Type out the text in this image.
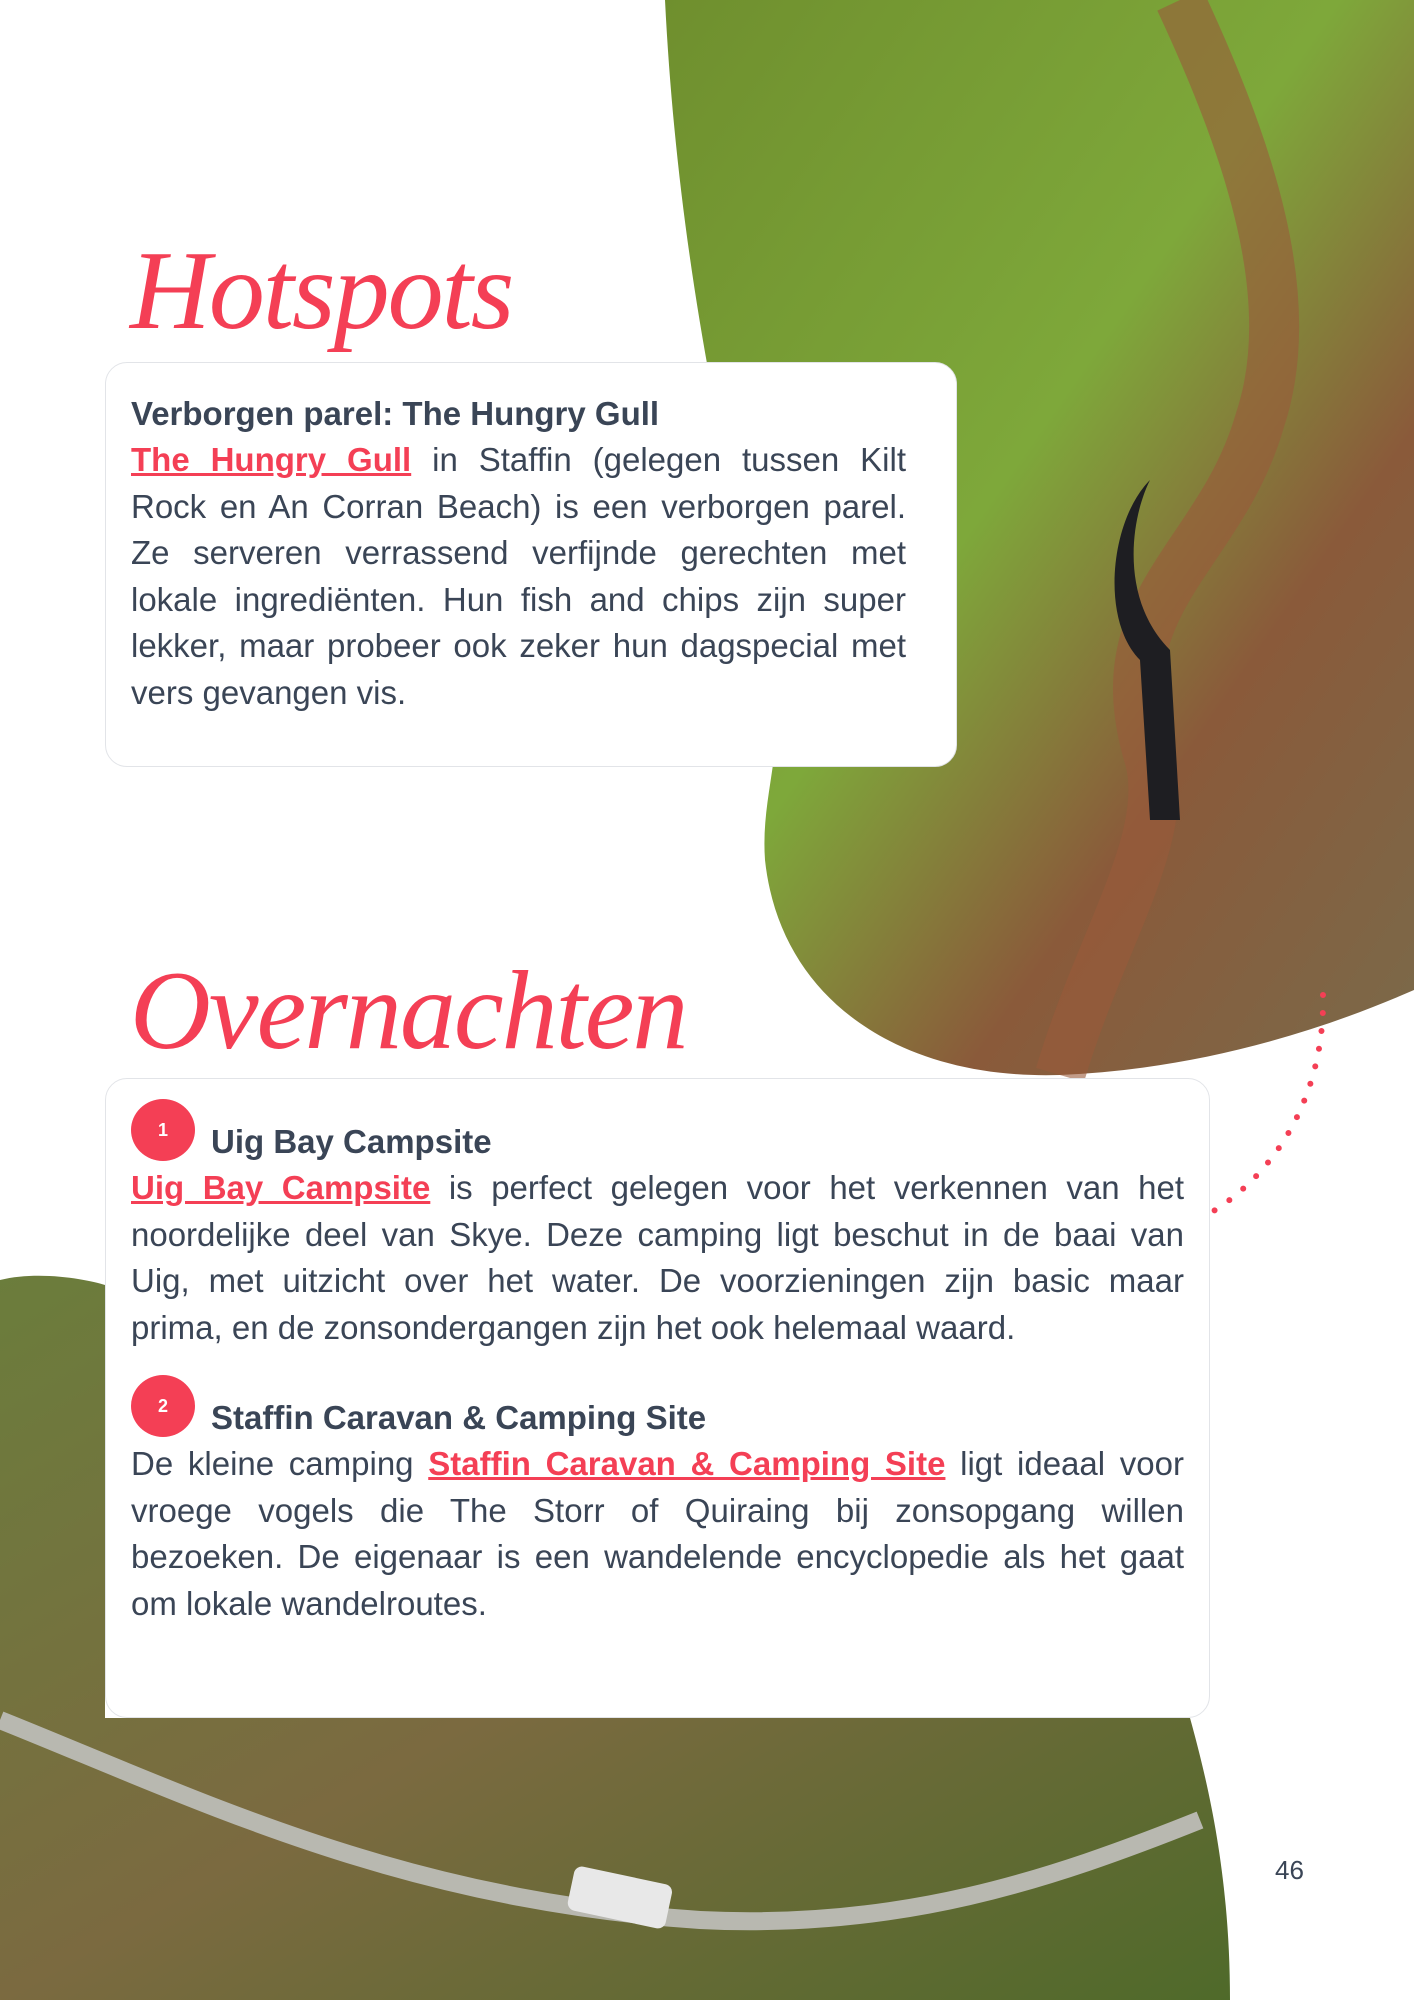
Hotspots

Verborgen parel: The Hungry Gull

The Hungry Gull in Staffin (gelegen tussen Kilt Rock en An Corran Beach) is een verborgen parel. Ze serveren verrassend verfijnde gerechten met lokale ingrediënten. Hun fish and chips zijn super lekker, maar probeer ook zeker hun dagspecial met vers gevangen vis.

Overnachten
1	Uig Bay Campsite

Uig Bay Campsite is perfect gelegen voor het verkennen van het noordelijke deel van Skye. Deze camping ligt beschut in de baai van Uig, met uitzicht over het water. De voorzieningen zijn basic maar prima, en de zonsondergangen zijn het ook helemaal waard.

2	Staffin Caravan & Camping Site

De kleine camping Staffin Caravan & Camping Site ligt ideaal voor vroege vogels die The Storr of Quiraing bij zonsopgang willen bezoeken. De eigenaar is een wandelende encyclopedie als het gaat om lokale wandelroutes.

46
